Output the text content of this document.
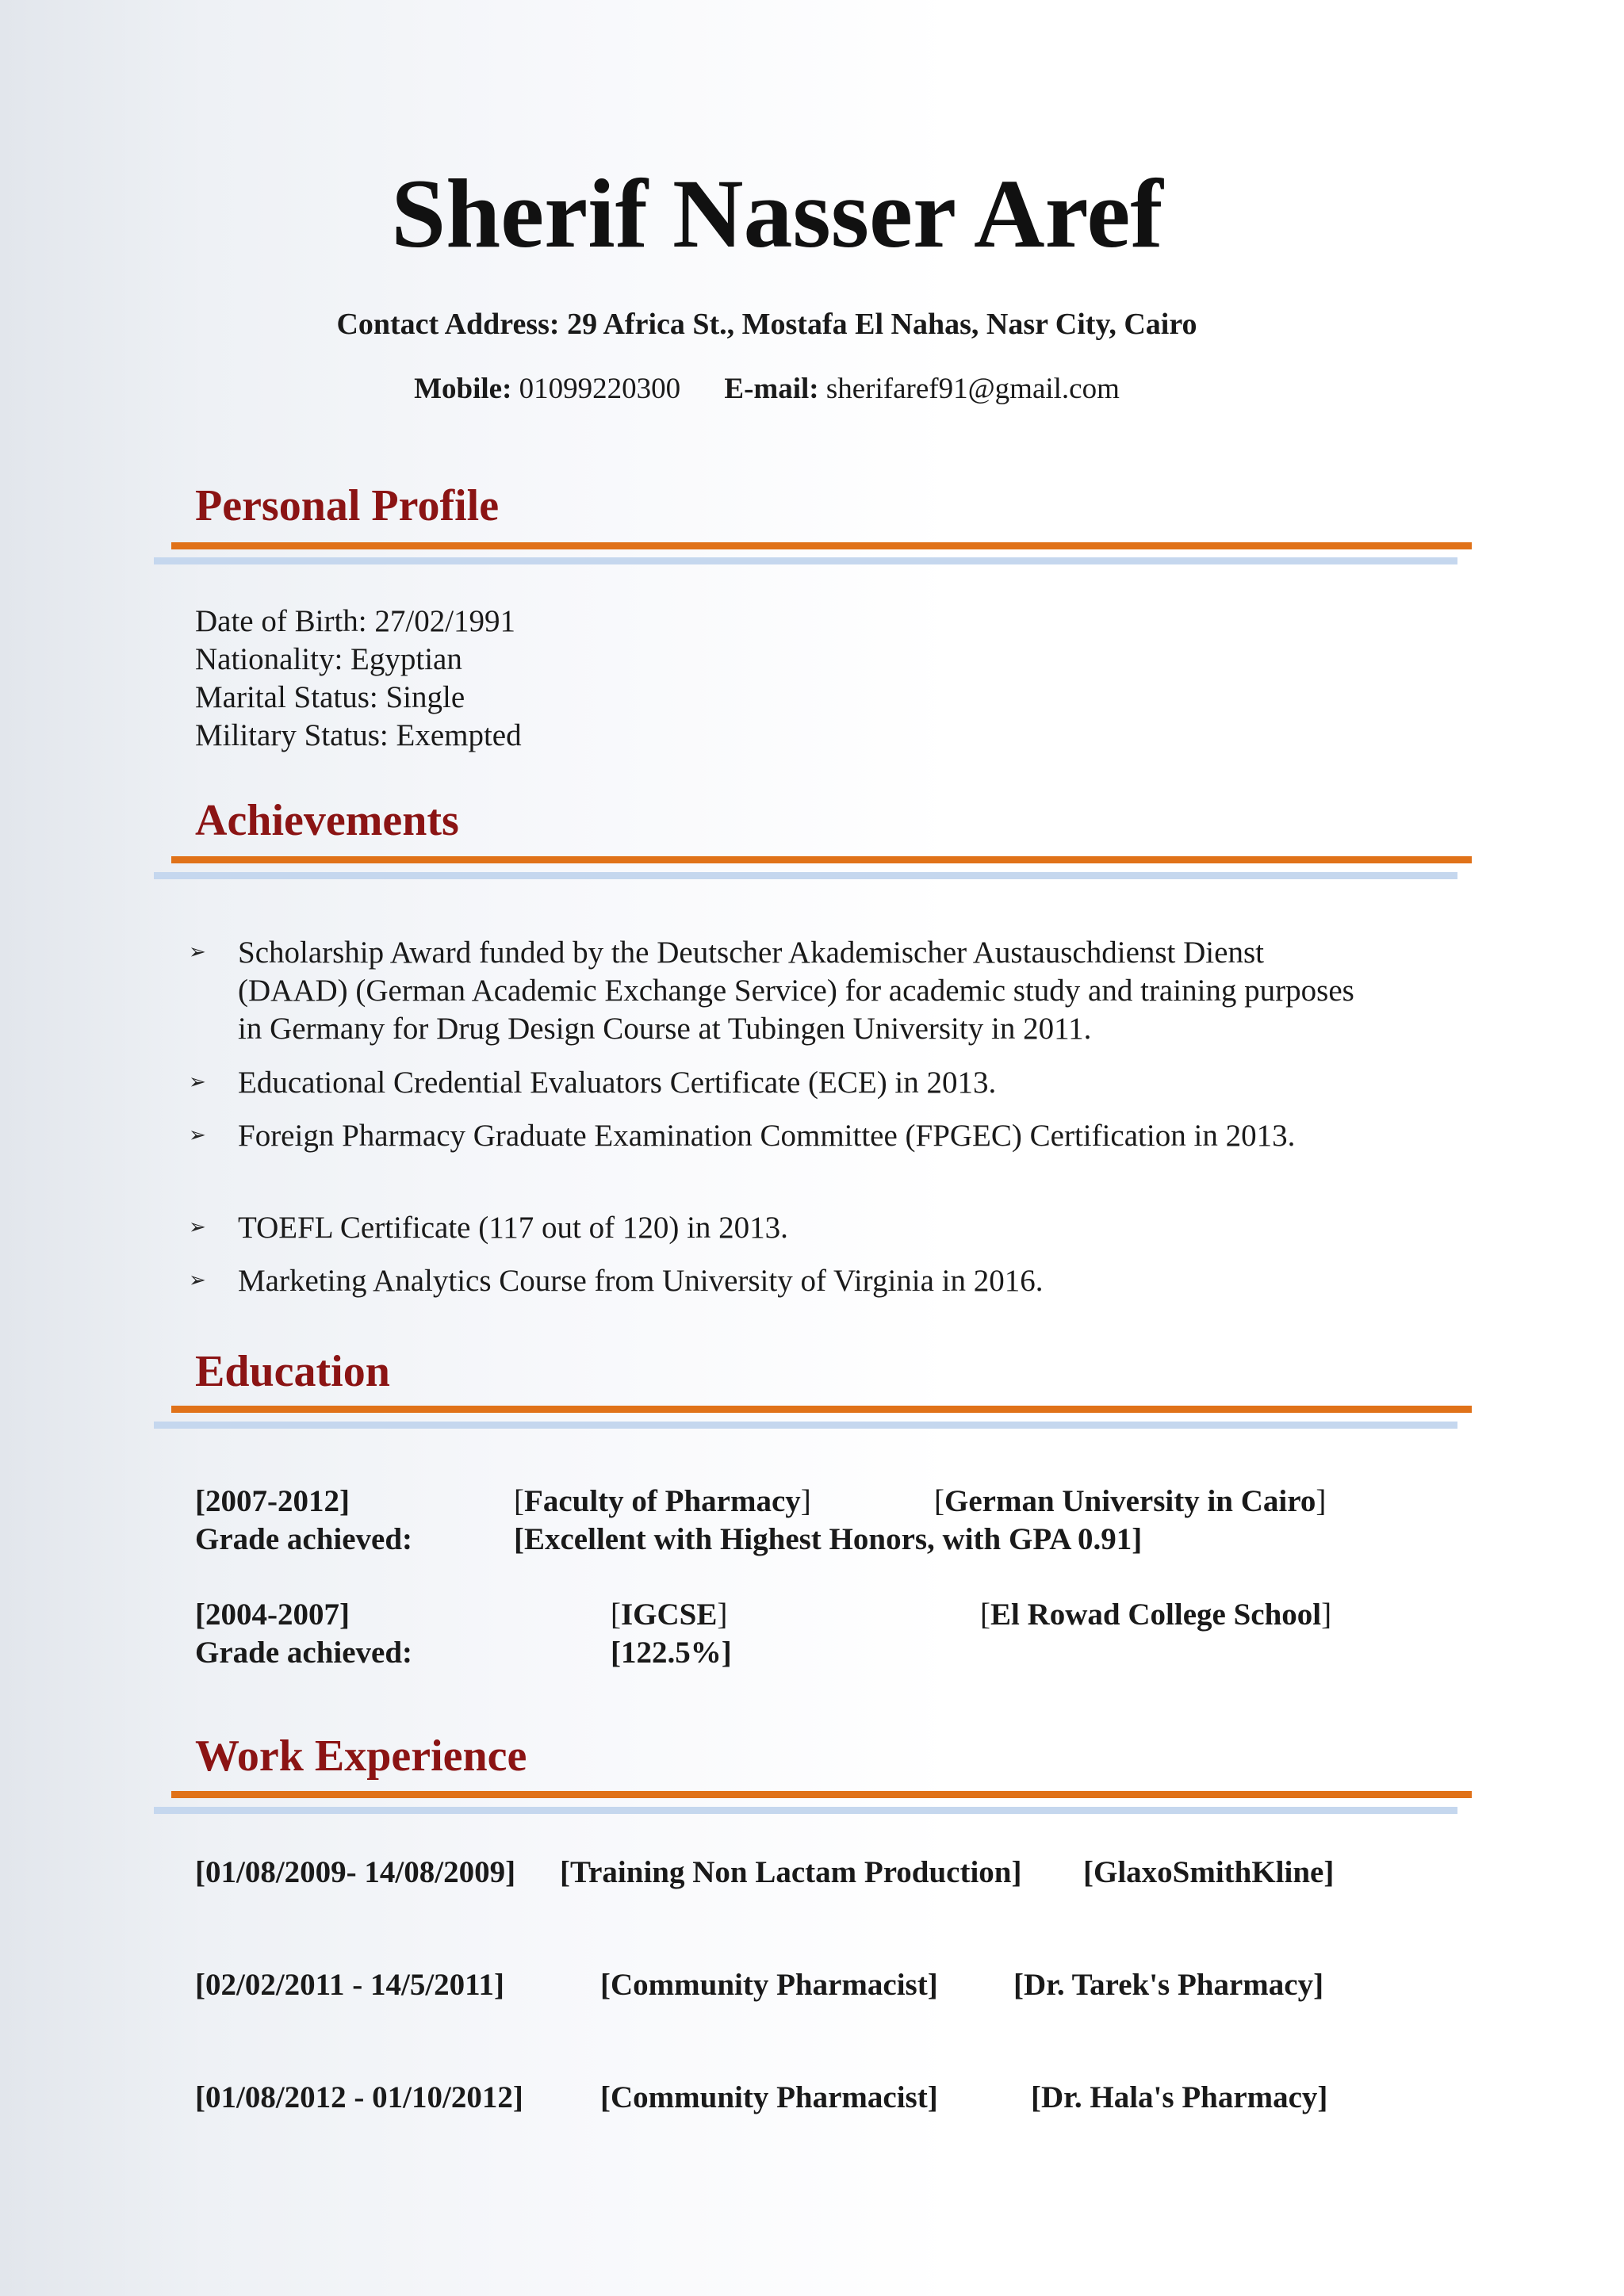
Sherif Nasser Aref
Contact Address: 29 Africa St., Mostafa El Nahas, Nasr City, Cairo
Mobile: 01099220300 E-mail: sherifaref91@gmail.com
Personal Profile
Date of Birth: 27/02/1991
Nationality: Egyptian
Marital Status: Single
Military Status: Exempted
Achievements
➢ Scholarship Award funded by the Deutscher Akademischer Austauschdienst Dienst (DAAD) (German Academic Exchange Service) for academic study and training purposes in Germany for Drug Design Course at Tubingen University in 2011.
➢ Educational Credential Evaluators Certificate (ECE) in 2013.
➢ Foreign Pharmacy Graduate Examination Committee (FPGEC) Certification in 2013.
➢ TOEFL Certificate (117 out of 120) in 2013.
➢ Marketing Analytics Course from University of Virginia in 2016.
Education
[2007-2012]	[Faculty of Pharmacy]	[German University in Cairo]
Grade achieved:	[Excellent with Highest Honors, with GPA 0.91]
[2004-2007]	[IGCSE]	[El Rowad College School]
Grade achieved:	[122.5%]
Work Experience
[01/08/2009- 14/08/2009] [Training Non Lactam Production] [GlaxoSmithKline]
[02/02/2011 - 14/5/2011]	[Community Pharmacist] [Dr. Tarek's Pharmacy]
[01/08/2012 - 01/10/2012] [Community Pharmacist]	[Dr. Hala's Pharmacy]
